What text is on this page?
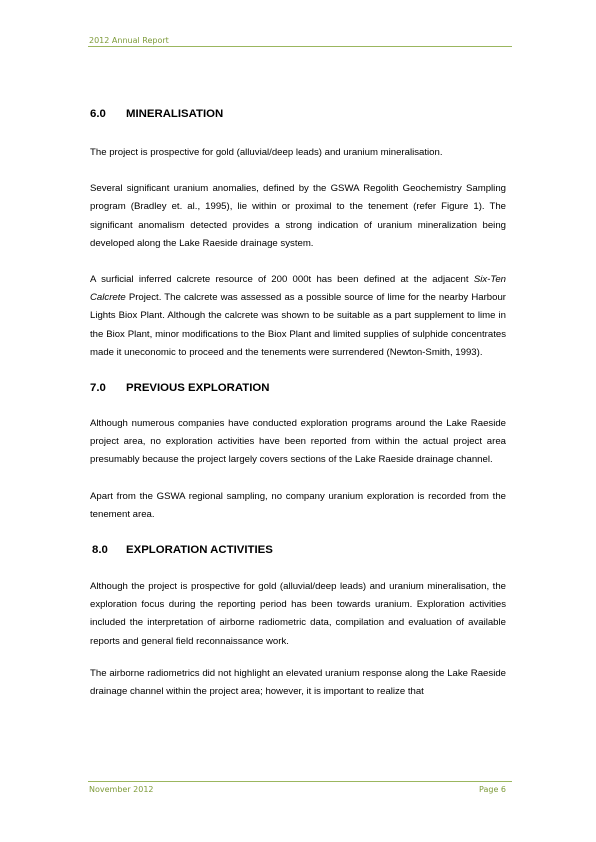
2012 Annual Report
6.0	MINERALISATION

The project is prospective for gold (alluvial/deep leads) and uranium mineralisation.

Several significant uranium anomalies, defined by the GSWA Regolith Geochemistry Sampling program (Bradley et. al., 1995), lie within or proximal to the tenement (refer Figure 1). The significant anomalism detected provides a strong indication of uranium mineralization being developed along the Lake Raeside drainage system.

A surficial inferred calcrete resource of 200 000t has been defined at the adjacent Six-Ten Calcrete Project. The calcrete was assessed as a possible source of lime for the nearby Harbour Lights Biox Plant. Although the calcrete was shown to be suitable as a part supplement to lime in the Biox Plant, minor modifications to the Biox Plant and limited supplies of sulphide concentrates made it uneconomic to proceed and the tenements were surrendered (Newton-Smith, 1993).

7.0	PREVIOUS EXPLORATION

Although numerous companies have conducted exploration programs around the Lake Raeside project area, no exploration activities have been reported from within the actual project area presumably because the project largely covers sections of the Lake Raeside drainage channel.

Apart from the GSWA regional sampling, no company uranium exploration is recorded from the tenement area.

8.0	EXPLORATION ACTIVITIES

Although the project is prospective for gold (alluvial/deep leads) and uranium mineralisation, the exploration focus during the reporting period has been towards uranium. Exploration activities included the interpretation of airborne radiometric data, compilation and evaluation of available reports and general field reconnaissance work.

The airborne radiometrics did not highlight an elevated uranium response along the Lake Raeside drainage channel within the project area; however, it is important to realize that

November 2012	Page 6
